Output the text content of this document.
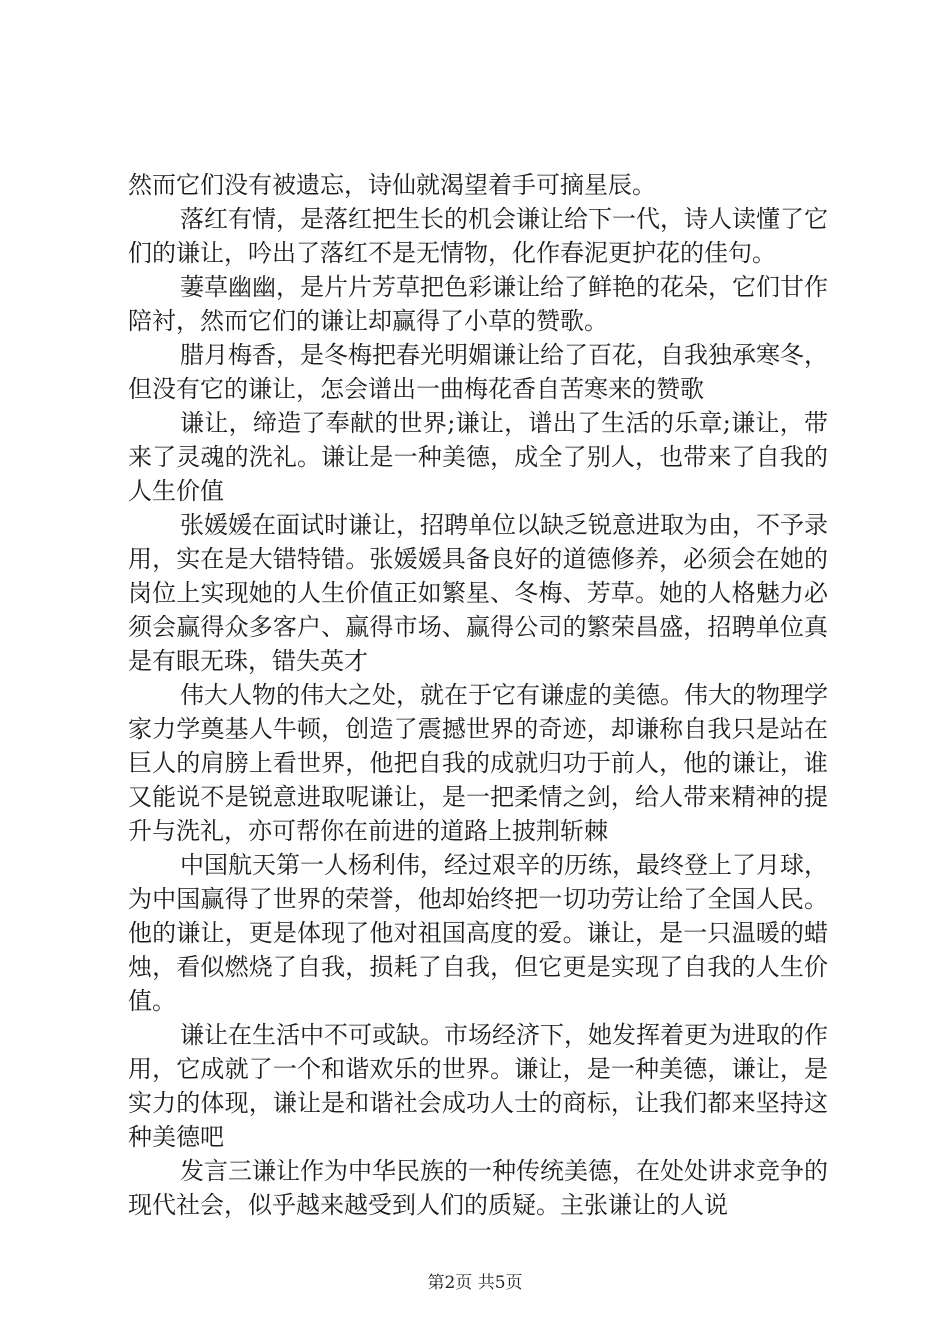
然而它们没有被遗忘，诗仙就渴望着手可摘星辰。

落红有情，是落红把生长的机会谦让给下一代，诗人读懂了它们的谦让，吟出了落红不是无情物，化作春泥更护花的佳句。

萋草幽幽，是片片芳草把色彩谦让给了鲜艳的花朵，它们甘作陪衬，然而它们的谦让却赢得了小草的赞歌。

腊月梅香，是冬梅把春光明媚谦让给了百花，自我独承寒冬，但没有它的谦让，怎会谱出一曲梅花香自苦寒来的赞歌

谦让，缔造了奉献的世界;谦让，谱出了生活的乐章;谦让，带来了灵魂的洗礼。谦让是一种美德，成全了别人，也带来了自我的人生价值

张媛媛在面试时谦让，招聘单位以缺乏锐意进取为由，不予录用，实在是大错特错。张媛媛具备良好的道德修养，必须会在她的岗位上实现她的人生价值正如繁星、冬梅、芳草。她的人格魅力必须会赢得众多客户、赢得市场、赢得公司的繁荣昌盛，招聘单位真是有眼无珠，错失英才

伟大人物的伟大之处，就在于它有谦虚的美德。伟大的物理学家力学奠基人牛顿，创造了震撼世界的奇迹，却谦称自我只是站在巨人的肩膀上看世界，他把自我的成就归功于前人，他的谦让，谁又能说不是锐意进取呢谦让，是一把柔情之剑，给人带来精神的提升与洗礼，亦可帮你在前进的道路上披荆斩棘

中国航天第一人杨利伟，经过艰辛的历练，最终登上了月球，为中国赢得了世界的荣誉，他却始终把一切功劳让给了全国人民。他的谦让，更是体现了他对祖国高度的爱。谦让，是一只温暖的蜡烛，看似燃烧了自我，损耗了自我，但它更是实现了自我的人生价值。

谦让在生活中不可或缺。市场经济下，她发挥着更为进取的作用，它成就了一个和谐欢乐的世界。谦让，是一种美德，谦让，是实力的体现，谦让是和谐社会成功人士的商标，让我们都来坚持这种美德吧

发言三谦让作为中华民族的一种传统美德，在处处讲求竞争的现代社会，似乎越来越受到人们的质疑。主张谦让的人说

第2页 共5页
